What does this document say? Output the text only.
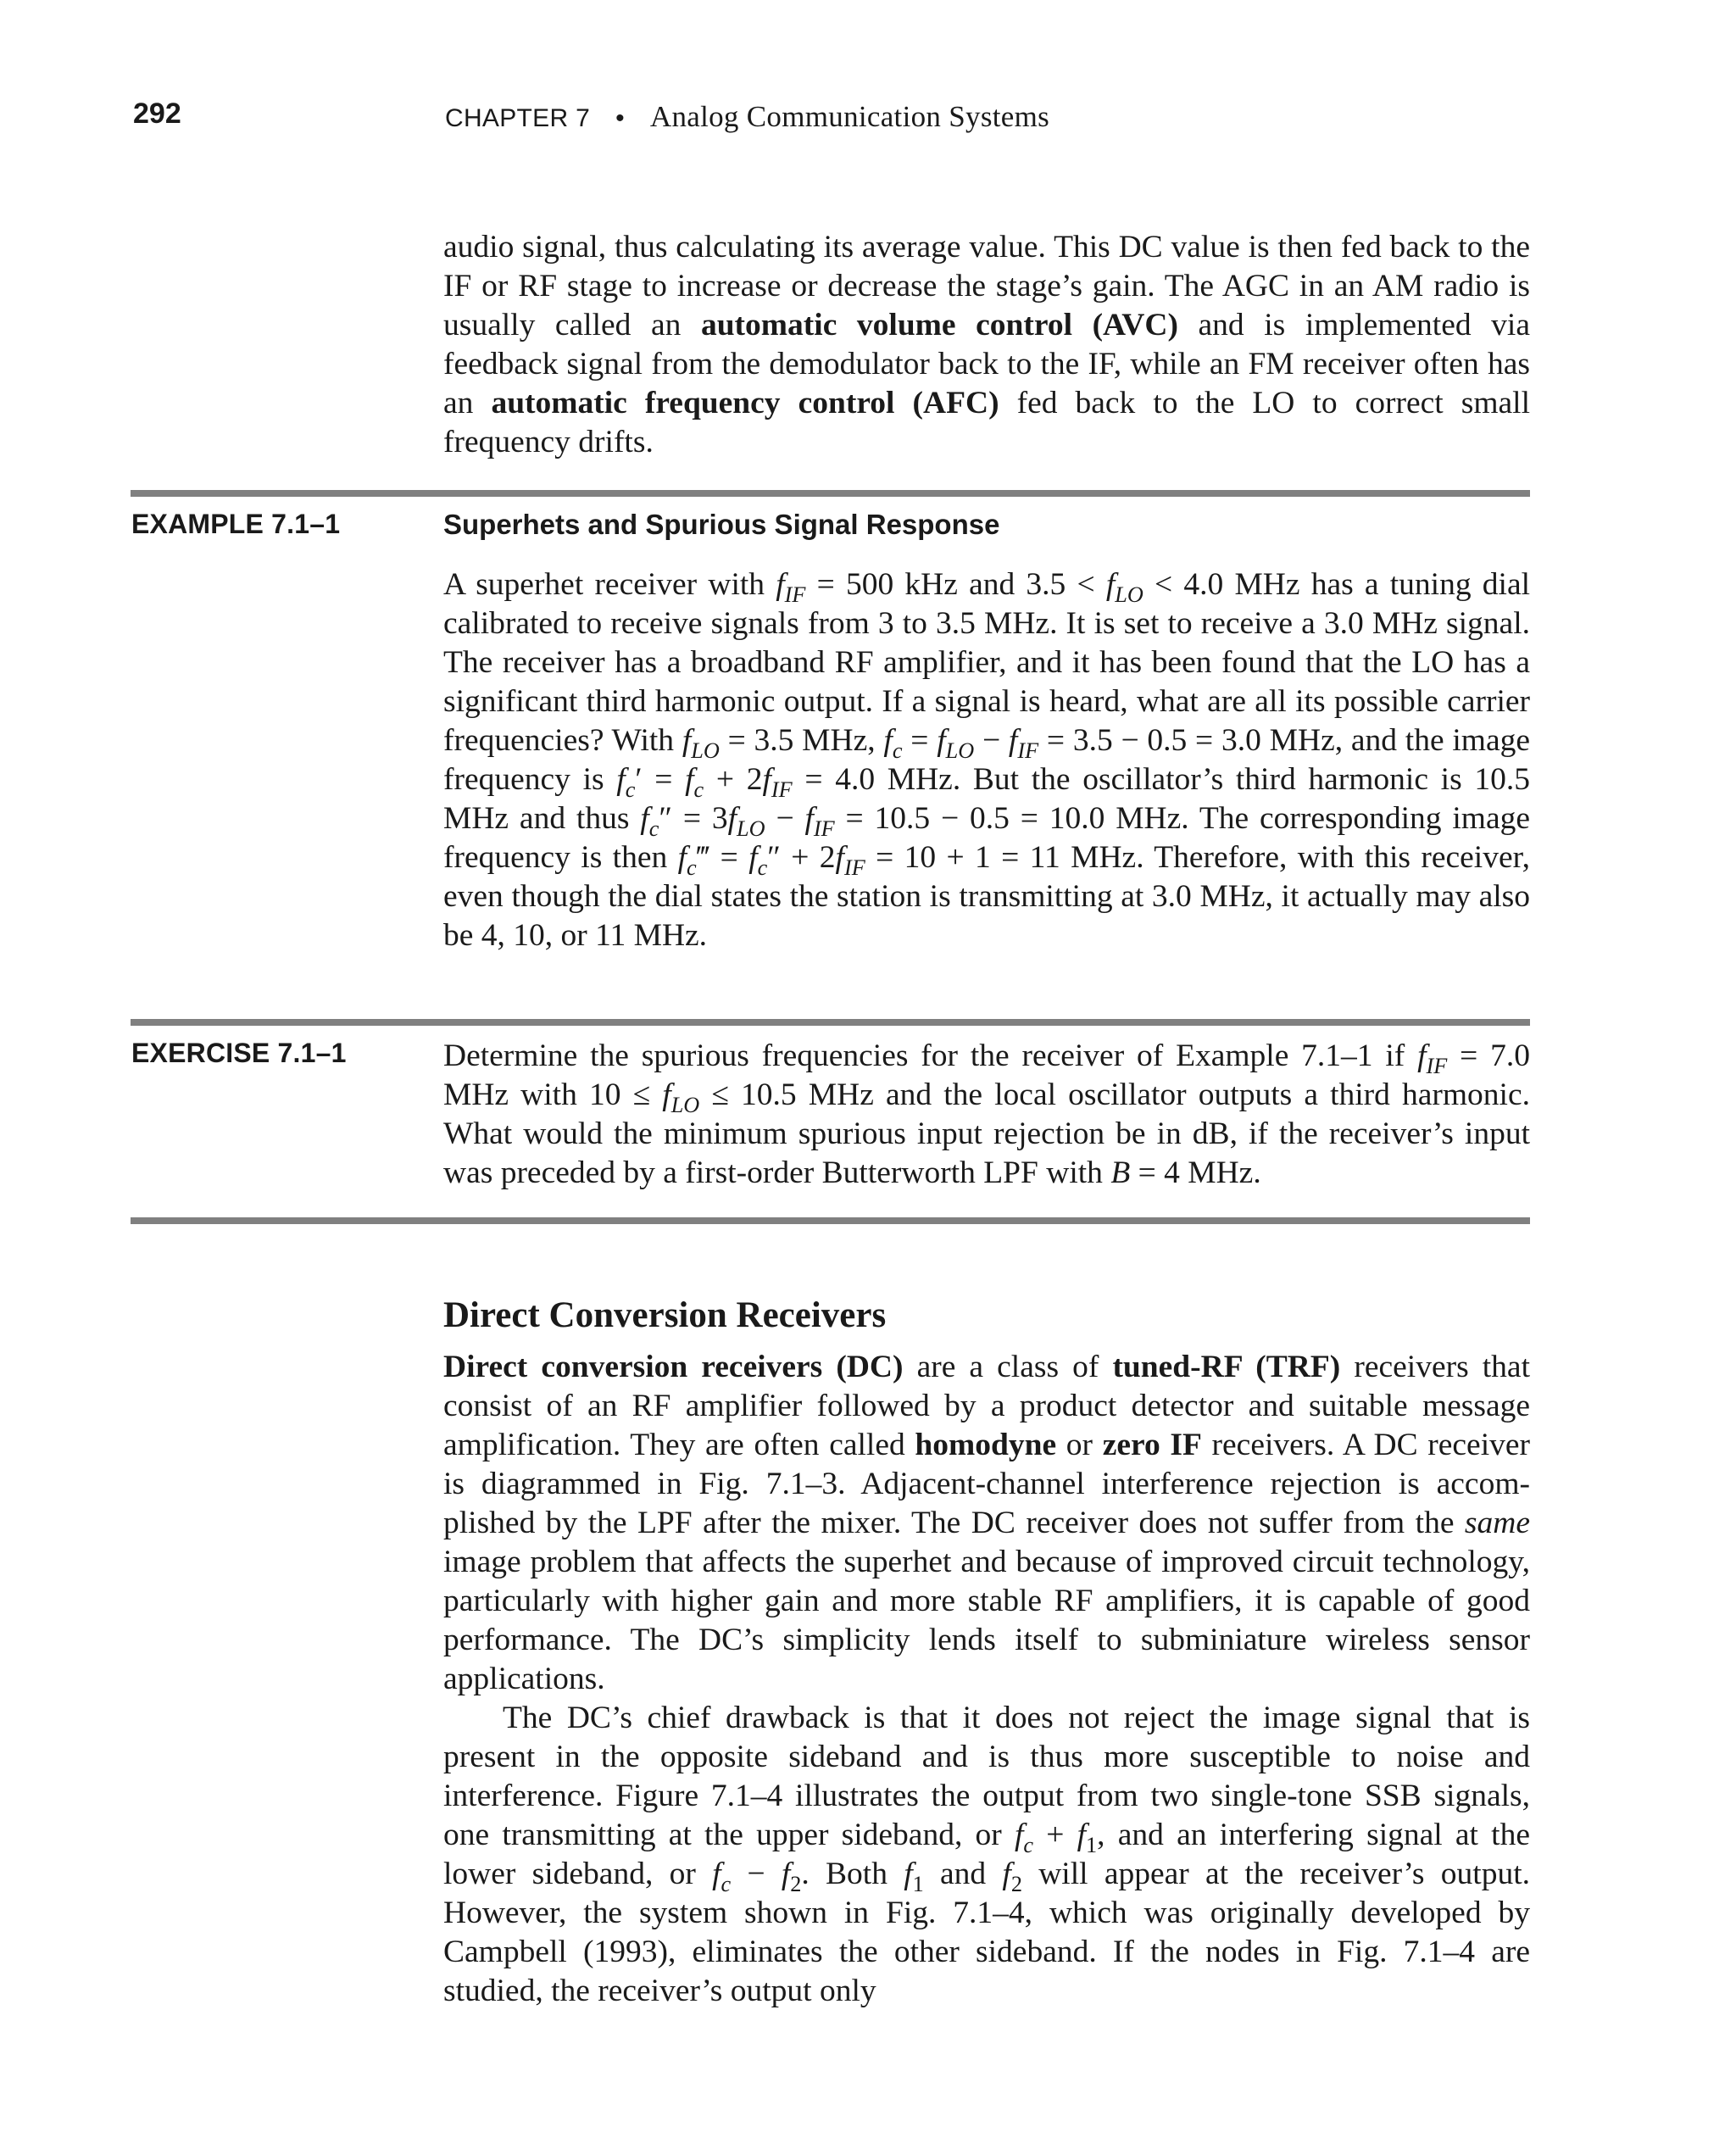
292	CHAPTER 7 • Analog Communication Systems

audio signal, thus calculating its average value. This DC value is then fed back to the IF or RF stage to increase or decrease the stage’s gain. The AGC in an AM radio is usually called an automatic volume control (AVC) and is implemented via feedback signal from the demodulator back to the IF, while an FM receiver often has an automatic frequency control (AFC) fed back to the LO to correct small frequency drifts.

EXAMPLE 7.1–1	Superhets and Spurious Signal Response

A superhet receiver with $f_{IF} = 500$ kHz and $3.5 < f_{LO} < 4.0$ MHz has a tuning dial calibrated to receive signals from 3 to 3.5 MHz. It is set to receive a 3.0 MHz signal. The receiver has a broadband RF amplifier, and it has been found that the LO has a significant third harmonic output. If a signal is heard, what are all its possible carrier frequencies? With $f_{LO} = 3.5$ MHz, $f_c = f_{LO} - f_{IF} = 3.5 - 0.5 = 3.0$ MHz, and the image frequency is $f_c' = f_c + 2f_{IF} = 4.0$ MHz. But the oscillator’s third harmonic is 10.5 MHz and thus $f_c'' = 3f_{LO} - f_{IF} = 10.5 - 0.5 = 10.0$ MHz. The corresponding image frequency is then $f_c‴ = f_c'' + 2f_{IF} = 10 + 1 = 11$ MHz. Therefore, with this receiver, even though the dial states the station is transmitting at 3.0 MHz, it actually may also be 4, 10, or 11 MHz.

EXERCISE 7.1–1	Determine the spurious frequencies for the receiver of Example 7.1–1 if $f_{IF} = 7.0$ MHz with $10 \le f_{LO} \le 10.5$ MHz and the local oscillator outputs a third harmonic. What would the minimum spurious input rejection be in dB, if the receiver’s input was preceded by a first-order Butterworth LPF with B = 4 MHz.

Direct Conversion Receivers

Direct conversion receivers (DC) are a class of tuned-RF (TRF) receivers that consist of an RF amplifier followed by a product detector and suitable message amplification. They are often called homodyne or zero IF receivers. A DC receiver is diagrammed in Fig. 7.1–3. Adjacent-channel interference rejection is accomplished by the LPF after the mixer. The DC receiver does not suffer from the same image problem that affects the superhet and because of improved circuit technology, particularly with higher gain and more stable RF amplifiers, it is capable of good performance. The DC’s simplicity lends itself to subminiature wireless sensor applications.

The DC’s chief drawback is that it does not reject the image signal that is present in the opposite sideband and is thus more susceptible to noise and interference. Figure 7.1–4 illustrates the output from two single-tone SSB signals, one transmitting at the upper sideband, or $f_c + f_1$, and an interfering signal at the lower sideband, or $f_c - f_2$. Both $f_1$ and $f_2$ will appear at the receiver’s output. However, the system shown in Fig. 7.1–4, which was originally developed by Campbell (1993), eliminates the other sideband. If the nodes in Fig. 7.1–4 are studied, the receiver’s output only
